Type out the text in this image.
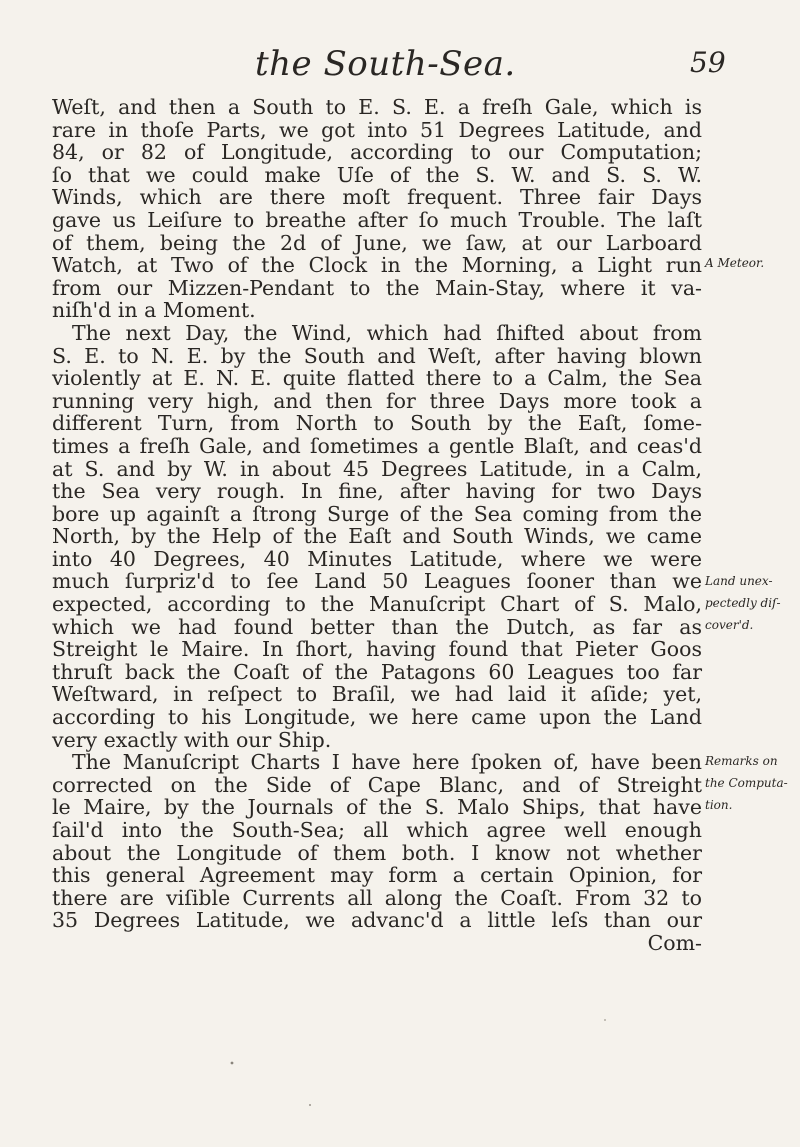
the South-Sea.	59
Weſt, and then a South to E. S. E. a freſh Gale, which is
rare in thoſe Parts, we got into 51 Degrees Latitude, and
84, or 82 of Longitude, according to our Computation;
ſo that we could make Uſe of the S. W. and S. S. W.
Winds, which are there moſt frequent. Three fair Days
gave us Leiſure to breathe after ſo much Trouble. The laſt
of them, being the 2d of June, we ſaw, at our Larboard
Watch, at Two of the Clock in the Morning, a Light run
from our Mizzen-Pendant to the Main-Stay, where it va-
niſh'd in a Moment.
The next Day, the Wind, which had ſhifted about from
S. E. to N. E. by the South and Weſt, after having blown
violently at E. N. E. quite flatted there to a Calm, the Sea
running very high, and then for three Days more took a
different Turn, from North to South by the Eaſt, ſome-
times a freſh Gale, and ſometimes a gentle Blaſt, and ceas'd
at S. and by W. in about 45 Degrees Latitude, in a Calm,
the Sea very rough. In fine, after having for two Days
bore up againſt a ſtrong Surge of the Sea coming from the
North, by the Help of the Eaſt and South Winds, we came
into 40 Degrees, 40 Minutes Latitude, where we were
much ſurpriz'd to ſee Land 50 Leagues ſooner than we
expected, according to the Manuſcript Chart of S. Malo,
which we had found better than the Dutch, as far as
Streight le Maire. In ſhort, having found that Pieter Goos
thruſt back the Coaſt of the Patagons 60 Leagues too far
Weſtward, in reſpect to Braſil, we had laid it aſide; yet,
according to his Longitude, we here came upon the Land
very exactly with our Ship.
The Manuſcript Charts I have here ſpoken of, have been
corrected on the Side of Cape Blanc, and of Streight
le Maire, by the Journals of the S. Malo Ships, that have
ſail'd into the South-Sea; all which agree well enough
about the Longitude of them both. I know not whether
this general Agreement may form a certain Opinion, for
there are viſible Currents all along the Coaſt. From 32 to
35 Degrees Latitude, we advanc'd a little leſs than our
Com-
A Meteor.
Land unex-
pectedly diſ-
cover'd.
Remarks on
the Computa-
tion.
